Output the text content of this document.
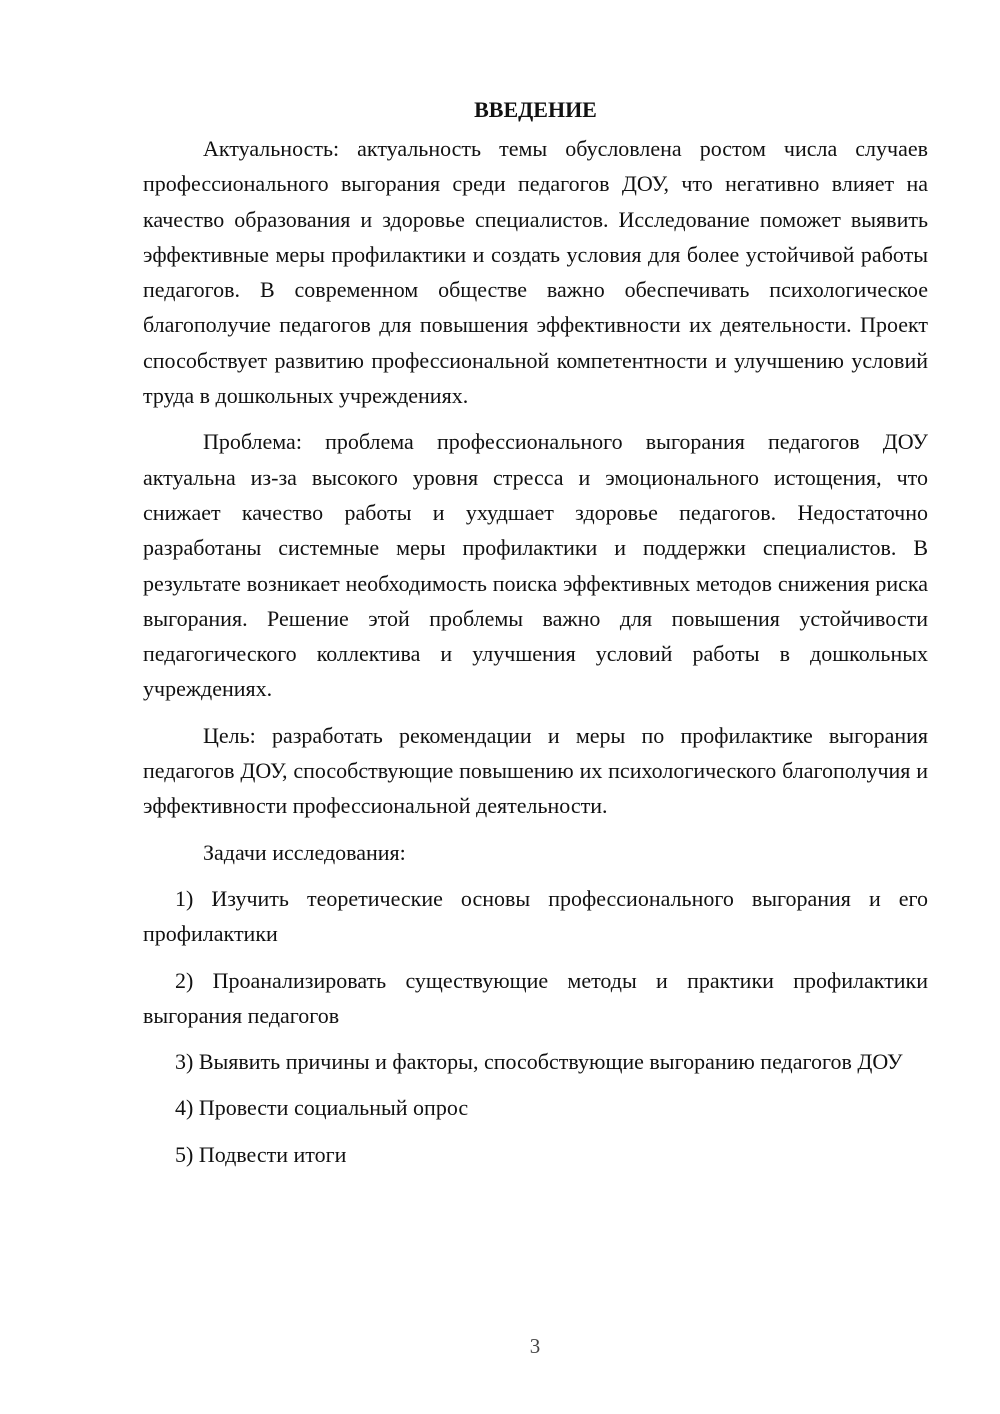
ВВЕДЕНИЕ

Актуальность: актуальность темы обусловлена ростом числа случаев профессионального выгорания среди педагогов ДОУ, что негативно влияет на качество образования и здоровье специалистов. Исследование поможет выявить эффективные меры профилактики и создать условия для более устойчивой работы педагогов. В современном обществе важно обеспечивать психологическое благополучие педагогов для повышения эффективности их деятельности. Проект способствует развитию профессиональной компетентности и улучшению условий труда в дошкольных учреждениях.

Проблема: проблема профессионального выгорания педагогов ДОУ актуальна из-за высокого уровня стресса и эмоционального истощения, что снижает качество работы и ухудшает здоровье педагогов. Недостаточно разработаны системные меры профилактики и поддержки специалистов. В результате возникает необходимость поиска эффективных методов снижения риска выгорания. Решение этой проблемы важно для повышения устойчивости педагогического коллектива и улучшения условий работы в дошкольных учреждениях.

Цель: разработать рекомендации и меры по профилактике выгорания педагогов ДОУ, способствующие повышению их психологического благополучия и эффективности профессиональной деятельности.

Задачи исследования:

1) Изучить теоретические основы профессионального выгорания и его профилактики

2) Проанализировать существующие методы и практики профилактики выгорания педагогов

3) Выявить причины и факторы, способствующие выгоранию педагогов ДОУ

4) Провести социальный опрос

5) Подвести итоги

3
